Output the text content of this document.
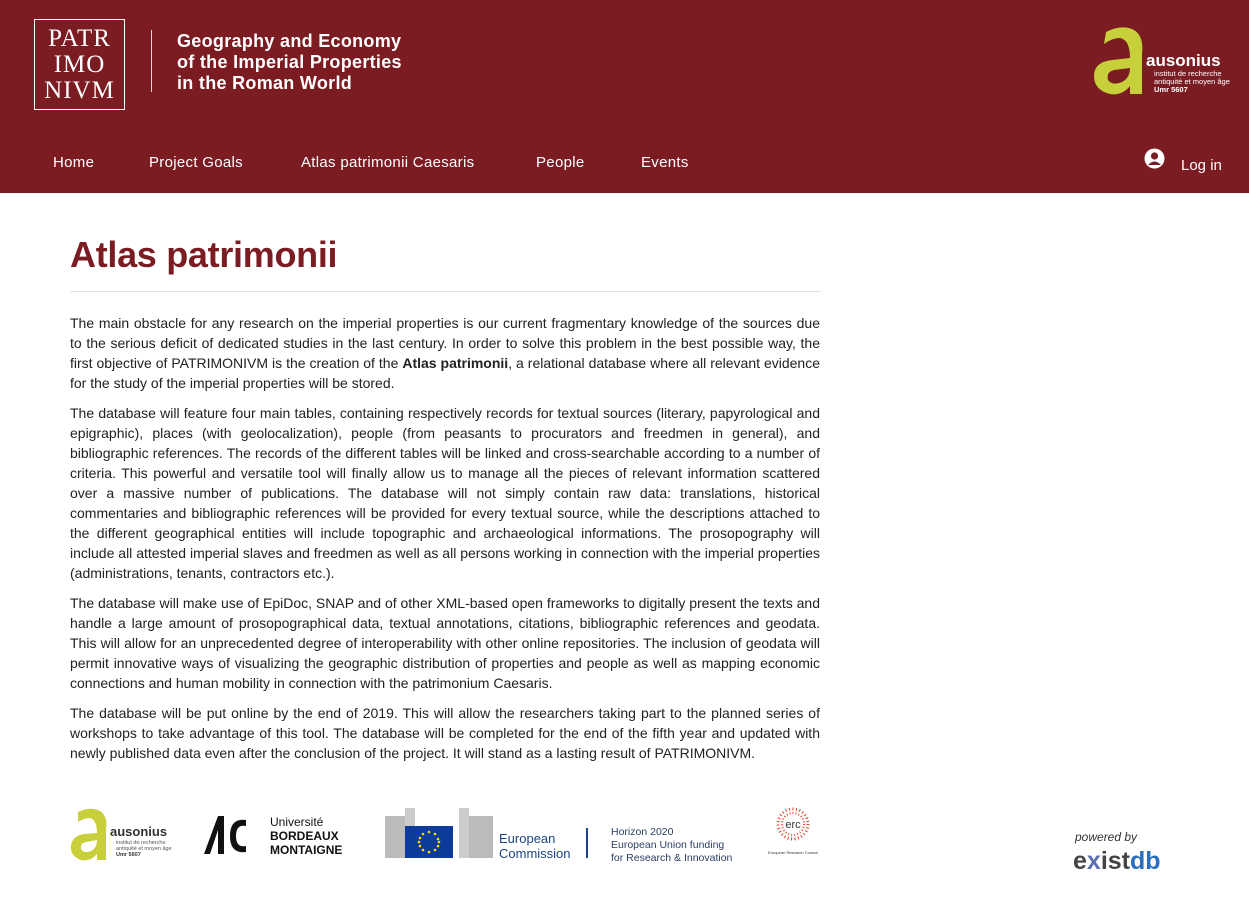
PATR
IMO
NIVM
Geography and Economy
of the Imperial Properties
in the Roman World
ausonius
institut de recherche
antiquité et moyen âge
Umr 5607
Home	Project Goals	Atlas patrimonii Caesaris	People	Events	Log in
Atlas patrimonii

The main obstacle for any research on the imperial properties is our current fragmentary knowledge of the sources due to the serious deficit of dedicated studies in the last century. In order to solve this problem in the best possible way, the first objective of PATRIMONIVM is the creation of the Atlas patrimonii, a relational database where all relevant evidence for the study of the imperial properties will be stored.

The database will feature four main tables, containing respectively records for textual sources (literary, papyrological and epigraphic), places (with geolocalization), people (from peasants to procurators and freedmen in general), and bibliographic references. The records of the different tables will be linked and cross-searchable according to a number of criteria. This powerful and versatile tool will finally allow us to manage all the pieces of relevant information scattered over a massive number of publications. The database will not simply contain raw data: translations, historical commentaries and bibliographic references will be provided for every textual source, while the descriptions attached to the different geographical entities will include topographic and archaeological informations. The prosopography will include all attested imperial slaves and freedmen as well as all persons working in connection with the imperial properties (administrations, tenants, contractors etc.).

The database will make use of EpiDoc, SNAP and of other XML-based open frameworks to digitally present the texts and handle a large amount of prosopographical data, textual annotations, citations, bibliographic references and geodata. This will allow for an unprecedented degree of interoperability with other online repositories. The inclusion of geodata will permit innovative ways of visualizing the geographic distribution of properties and people as well as mapping economic connections and human mobility in connection with the patrimonium Caesaris.

The database will be put online by the end of 2019. This will allow the researchers taking part to the planned series of workshops to take advantage of this tool. The database will be completed for the end of the fifth year and updated with newly published data even after the conclusion of the project. It will stand as a lasting result of PATRIMONIVM.

ausonius
institut de recherche
antiquité et moyen âge
Umr 5607
Université
BORDEAUX
MONTAIGNE
European
Commission
Horizon 2020
European Union funding
for Research & Innovation
erc
European Research Council
powered by
existdb
